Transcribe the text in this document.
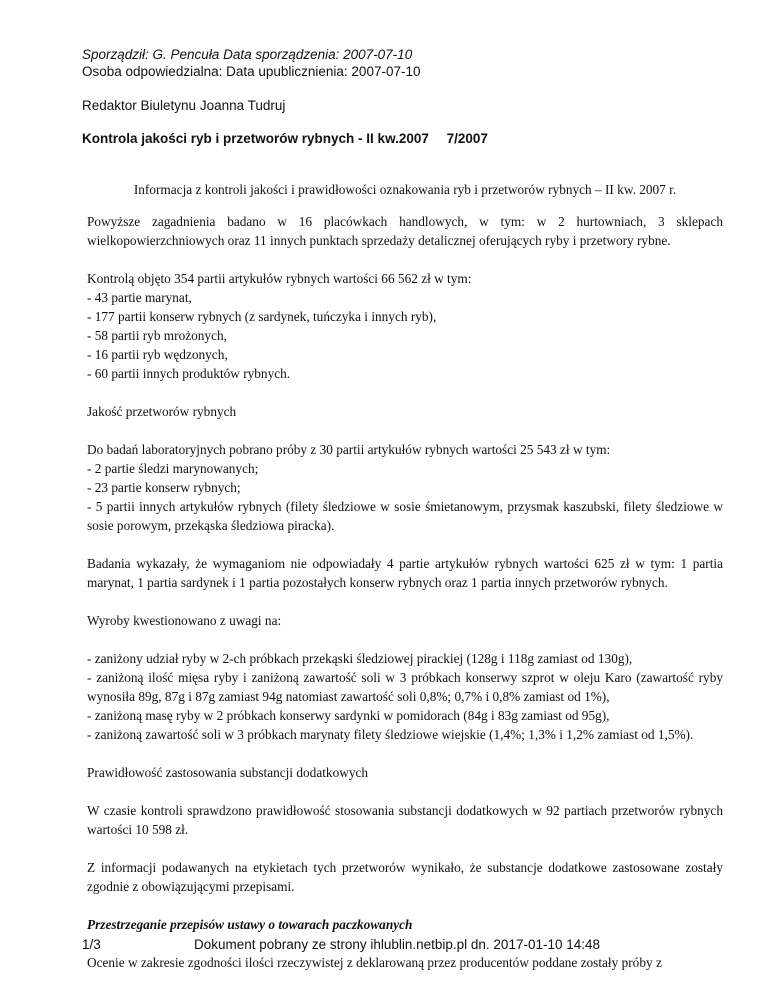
Sporządził: G. Pencuła Data sporządzenia: 2007-07-10
Osoba odpowiedzialna: Data upublicznienia: 2007-07-10
Redaktor Biuletynu Joanna Tudruj
Kontrola jakości ryb i przetworów rybnych - II kw.2007 7/2007

Informacja z kontroli jakości i prawidłowości oznakowania ryb i przetworów rybnych – II kw. 2007 r.

Powyższe zagadnienia badano w 16 placówkach handlowych, w tym: w 2 hurtowniach, 3 sklepach wielkopowierzchniowych oraz 11 innych punktach sprzedaży detalicznej oferujących ryby i przetwory rybne.

Kontrolą objęto 354 partii artykułów rybnych wartości 66 562 zł w tym:

- 43 partie marynat,

- 177 partii konserw rybnych (z sardynek, tuńczyka i innych ryb),

- 58 partii ryb mrożonych,

- 16 partii ryb wędzonych,

- 60 partii innych produktów rybnych.

Jakość przetworów rybnych

Do badań laboratoryjnych pobrano próby z 30 partii artykułów rybnych wartości 25 543 zł w tym:

- 2 partie śledzi marynowanych;

- 23 partie konserw rybnych;

- 5 partii innych artykułów rybnych (filety śledziowe w sosie śmietanowym, przysmak kaszubski, filety śledziowe w sosie porowym, przekąska śledziowa piracka).

Badania wykazały, że wymaganiom nie odpowiadały 4 partie artykułów rybnych wartości 625 zł w tym: 1 partia marynat, 1 partia sardynek i 1 partia pozostałych konserw rybnych oraz 1 partia innych przetworów rybnych.

Wyroby kwestionowano z uwagi na:

- zaniżony udział ryby w 2-ch próbkach przekąski śledziowej pirackiej (128g i 118g zamiast od 130g),

- zaniżoną ilość mięsa ryby i zaniżoną zawartość soli w 3 próbkach konserwy szprot w oleju Karo (zawartość ryby wynosiła 89g, 87g i 87g zamiast 94g natomiast zawartość soli 0,8%; 0,7% i 0,8% zamiast od 1%),

- zaniżoną masę ryby w 2 próbkach konserwy sardynki w pomidorach (84g i 83g zamiast od 95g),

- zaniżoną zawartość soli w 3 próbkach marynaty filety śledziowe wiejskie (1,4%; 1,3% i 1,2% zamiast od 1,5%).

Prawidłowość zastosowania substancji dodatkowych

W czasie kontroli sprawdzono prawidłowość stosowania substancji dodatkowych w 92 partiach przetworów rybnych wartości 10 598 zł.

Z informacji podawanych na etykietach tych przetworów wynikało, że substancje dodatkowe zastosowane zostały zgodnie z obowiązującymi przepisami.

Przestrzeganie przepisów ustawy o towarach paczkowanych

Ocenie w zakresie zgodności ilości rzeczywistej z deklarowaną przez producentów poddane zostały próby z

1/3	Dokument pobrany ze strony ihlublin.netbip.pl dn. 2017-01-10 14:48
